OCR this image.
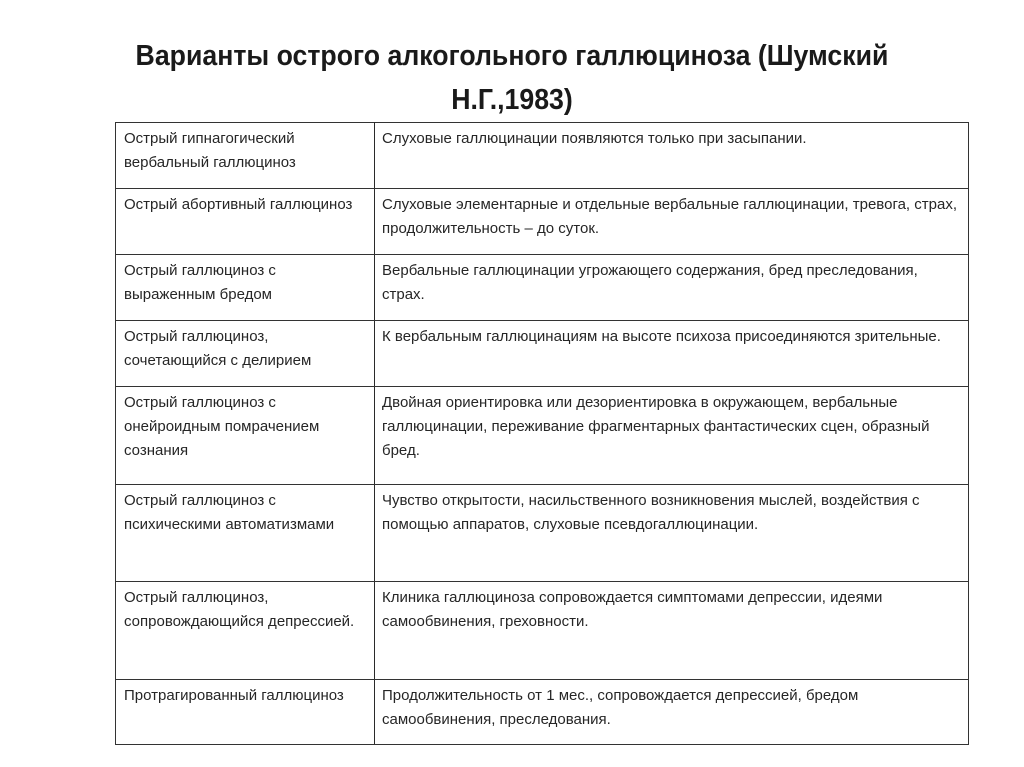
Варианты острого алкогольного галлюциноза (Шумский
Н.Г.,1983)
Острый гипнагогический вербальный галлюциноз	Слуховые галлюцинации появляются только при засыпании.
Острый абортивный галлюциноз	Слуховые элементарные и отдельные вербальные галлюцинации, тревога, страх, продолжительность – до суток.
Острый галлюциноз с выраженным бредом	Вербальные галлюцинации угрожающего содержания, бред преследования, страх.
Острый галлюциноз, сочетающийся с делирием	К вербальным галлюцинациям на высоте психоза присоединяются зрительные.
Острый галлюциноз с онейроидным помрачением сознания	Двойная ориентировка или дезориентировка в окружающем, вербальные галлюцинации, переживание фрагментарных фантастических сцен, образный бред.
Острый галлюциноз с психическими автоматизмами	Чувство открытости, насильственного возникновения мыслей, воздействия с помощью аппаратов, слуховые псевдогаллюцинации.
Острый галлюциноз, сопровождающийся депрессией.	Клиника галлюциноза сопровождается симптомами депрессии, идеями самообвинения, греховности.
Протрагированный галлюциноз	Продолжительность от 1 мес., сопровождается депрессией, бредом самообвинения, преследования.
